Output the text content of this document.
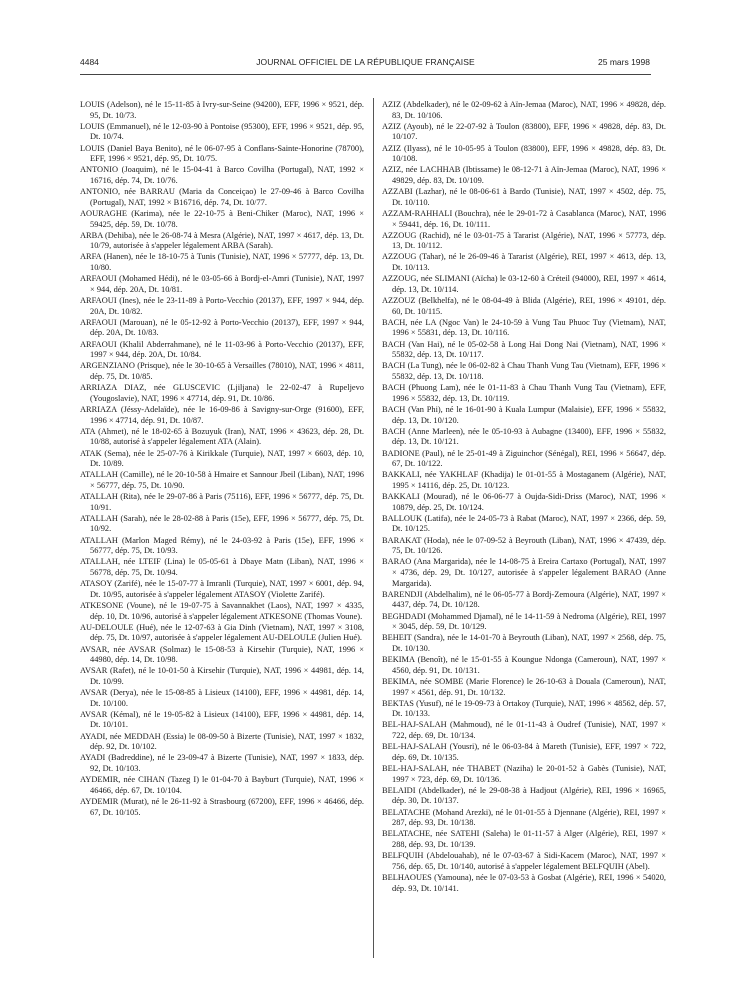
4484	JOURNAL OFFICIEL DE LA RÉPUBLIQUE FRANÇAISE	25 mars 1998

LOUIS (Adelson), né le 15-11-85 à Ivry-sur-Seine (94200), EFF, 1996 × 9521, dép. 95, Dt. 10/73.

LOUIS (Emmanuel), né le 12-03-90 à Pontoise (95300), EFF, 1996 × 9521, dép. 95, Dt. 10/74.

LOUIS (Daniel Baya Benito), né le 06-07-95 à Conflans-Sainte-Honorine (78700), EFF, 1996 × 9521, dép. 95, Dt. 10/75.

ANTONIO (Joaquim), né le 15-04-41 à Barco Covilha (Portugal), NAT, 1992 × 16716, dép. 74, Dt. 10/76.

ANTONIO, née BARRAU (Maria da Conceiçao) le 27-09-46 à Barco Covilha (Portugal), NAT, 1992 × B16716, dép. 74, Dt. 10/77.

AOURAGHE (Karima), née le 22-10-75 à Beni-Chiker (Maroc), NAT, 1996 × 59425, dép. 59, Dt. 10/78.

ARBA (Dehiba), née le 26-08-74 à Mesra (Algérie), NAT, 1997 × 4617, dép. 13, Dt. 10/79, autorisée à s'appeler légalement ARBA (Sarah).

ARFA (Hanen), née le 18-10-75 à Tunis (Tunisie), NAT, 1996 × 57777, dép. 13, Dt. 10/80.

ARFAOUI (Mohamed Hédi), né le 03-05-66 à Bordj-el-Amri (Tunisie), NAT, 1997 × 944, dép. 20A, Dt. 10/81.

ARFAOUI (Ines), née le 23-11-89 à Porto-Vecchio (20137), EFF, 1997 × 944, dép. 20A, Dt. 10/82.

ARFAOUI (Marouan), né le 05-12-92 à Porto-Vecchio (20137), EFF, 1997 × 944, dép. 20A, Dt. 10/83.

ARFAOUI (Khalil Abderrahmane), né le 11-03-96 à Porto-Vecchio (20137), EFF, 1997 × 944, dép. 20A, Dt. 10/84.

ARGENZIANO (Prisque), née le 30-10-65 à Versailles (78010), NAT, 1996 × 4811, dép. 75, Dt. 10/85.

ARRIAZA DIAZ, née GLUSCEVIC (Ljiljana) le 22-02-47 à Rupeljevo (Yougoslavie), NAT, 1996 × 47714, dép. 91, Dt. 10/86.

ARRIAZA (Jéssy-Adelaïde), née le 16-09-86 à Savigny-sur-Orge (91600), EFF, 1996 × 47714, dép. 91, Dt. 10/87.

ATA (Ahmet), né le 18-02-65 à Bozuyuk (Iran), NAT, 1996 × 43623, dép. 28, Dt. 10/88, autorisé à s'appeler légalement ATA (Alain).

ATAK (Sema), née le 25-07-76 à Kirikkale (Turquie), NAT, 1997 × 6603, dép. 10, Dt. 10/89.

ATALLAH (Camille), né le 20-10-58 à Hmaire et Sannour Jbeil (Liban), NAT, 1996 × 56777, dép. 75, Dt. 10/90.

ATALLAH (Rita), née le 29-07-86 à Paris (75116), EFF, 1996 × 56777, dép. 75, Dt. 10/91.

ATALLAH (Sarah), née le 28-02-88 à Paris (15e), EFF, 1996 × 56777, dép. 75, Dt. 10/92.

ATALLAH (Marlon Maged Rémy), né le 24-03-92 à Paris (15e), EFF, 1996 × 56777, dép. 75, Dt. 10/93.

ATALLAH, née LTEIF (Lina) le 05-05-61 à Dbaye Matn (Liban), NAT, 1996 × 56778, dép. 75, Dt. 10/94.

ATASOY (Zarifé), née le 15-07-77 à Imranli (Turquie), NAT, 1997 × 6001, dép. 94, Dt. 10/95, autorisée à s'appeler légalement ATASOY (Violette Zarifé).

ATKESONE (Voune), né le 19-07-75 à Savannakhet (Laos), NAT, 1997 × 4335, dép. 10, Dt. 10/96, autorisé à s'appeler légalement ATKESONE (Thomas Voune).

AU-DELOULE (Hué), née le 12-07-63 à Gia Dinh (Vietnam), NAT, 1997 × 3108, dép. 75, Dt. 10/97, autorisée à s'appeler légalement AU-DELOULE (Julien Hué).

AVSAR, née AVSAR (Solmaz) le 15-08-53 à Kirsehir (Turquie), NAT, 1996 × 44980, dép. 14, Dt. 10/98.

AVSAR (Rafet), né le 10-01-50 à Kirsehir (Turquie), NAT, 1996 × 44981, dép. 14, Dt. 10/99.

AVSAR (Derya), née le 15-08-85 à Lisieux (14100), EFF, 1996 × 44981, dép. 14, Dt. 10/100.

AVSAR (Kémal), né le 19-05-82 à Lisieux (14100), EFF, 1996 × 44981, dép. 14, Dt. 10/101.

AYADI, née MEDDAH (Essia) le 08-09-50 à Bizerte (Tunisie), NAT, 1997 × 1832, dép. 92, Dt. 10/102.

AYADI (Badreddine), né le 23-09-47 à Bizerte (Tunisie), NAT, 1997 × 1833, dép. 92, Dt. 10/103.

AYDEMIR, née CIHAN (Tazeg I) le 01-04-70 à Bayburt (Turquie), NAT, 1996 × 46466, dép. 67, Dt. 10/104.

AYDEMIR (Murat), né le 26-11-92 à Strasbourg (67200), EFF, 1996 × 46466, dép. 67, Dt. 10/105.

AZIZ (Abdelkader), né le 02-09-62 à Aïn-Jemaa (Maroc), NAT, 1996 × 49828, dép. 83, Dt. 10/106.

AZIZ (Ayoub), né le 22-07-92 à Toulon (83800), EFF, 1996 × 49828, dép. 83, Dt. 10/107.

AZIZ (Ilyass), né le 10-05-95 à Toulon (83800), EFF, 1996 × 49828, dép. 83, Dt. 10/108.

AZIZ, née LACHHAB (Ibtissame) le 08-12-71 à Aïn-Jemaa (Maroc), NAT, 1996 × 49829, dép. 83, Dt. 10/109.

AZZABI (Lazhar), né le 08-06-61 à Bardo (Tunisie), NAT, 1997 × 4502, dép. 75, Dt. 10/110.

AZZAM-RAHHALI (Bouchra), née le 29-01-72 à Casablanca (Maroc), NAT, 1996 × 59441, dép. 16, Dt. 10/111.

AZZOUG (Rachid), né le 03-01-75 à Tararist (Algérie), NAT, 1996 × 57773, dép. 13, Dt. 10/112.

AZZOUG (Tahar), né le 26-09-46 à Tararist (Algérie), REI, 1997 × 4613, dép. 13, Dt. 10/113.

AZZOUG, née SLIMANI (Aïcha) le 03-12-60 à Créteil (94000), REI, 1997 × 4614, dép. 13, Dt. 10/114.

AZZOUZ (Belkhelfa), né le 08-04-49 à Blida (Algérie), REI, 1996 × 49101, dép. 60, Dt. 10/115.

BACH, née LA (Ngoc Van) le 24-10-59 à Vung Tau Phuoc Tuy (Vietnam), NAT, 1996 × 55831, dép. 13, Dt. 10/116.

BACH (Van Hai), né le 05-02-58 à Long Hai Dong Nai (Vietnam), NAT, 1996 × 55832, dép. 13, Dt. 10/117.

BACH (La Tung), née le 06-02-82 à Chau Thanh Vung Tau (Vietnam), EFF, 1996 × 55832, dép. 13, Dt. 10/118.

BACH (Phuong Lam), née le 01-11-83 à Chau Thanh Vung Tau (Vietnam), EFF, 1996 × 55832, dép. 13, Dt. 10/119.

BACH (Van Phi), né le 16-01-90 à Kuala Lumpur (Malaisie), EFF, 1996 × 55832, dép. 13, Dt. 10/120.

BACH (Anne Marleen), née le 05-10-93 à Aubagne (13400), EFF, 1996 × 55832, dép. 13, Dt. 10/121.

BADIONE (Paul), né le 25-01-49 à Ziguinchor (Sénégal), REI, 1996 × 56647, dép. 67, Dt. 10/122.

BAKKALI, née YAKHLAF (Khadija) le 01-01-55 à Mostaganem (Algérie), NAT, 1995 × 14116, dép. 25, Dt. 10/123.

BAKKALI (Mourad), né le 06-06-77 à Oujda-Sidi-Driss (Maroc), NAT, 1996 × 10879, dép. 25, Dt. 10/124.

BALLOUK (Latifa), née le 24-05-73 à Rabat (Maroc), NAT, 1997 × 2366, dép. 59, Dt. 10/125.

BARAKAT (Hoda), née le 07-09-52 à Beyrouth (Liban), NAT, 1996 × 47439, dép. 75, Dt. 10/126.

BARAO (Ana Margarida), née le 14-08-75 à Ereira Cartaxo (Portugal), NAT, 1997 × 4736, dép. 29, Dt. 10/127, autorisée à s'appeler légalement BARAO (Anne Margarida).

BARENDJI (Abdelhalim), né le 06-05-77 à Bordj-Zemoura (Algérie), NAT, 1997 × 4437, dép. 74, Dt. 10/128.

BEGHDADI (Mohammed Djamal), né le 14-11-59 à Nedroma (Algérie), REI, 1997 × 3045, dép. 59, Dt. 10/129.

BEHEIT (Sandra), née le 14-01-70 à Beyrouth (Liban), NAT, 1997 × 2568, dép. 75, Dt. 10/130.

BEKIMA (Benoît), né le 15-01-55 à Koungue Ndonga (Cameroun), NAT, 1997 × 4560, dép. 91, Dt. 10/131.

BEKIMA, née SOMBE (Marie Florence) le 26-10-63 à Douala (Cameroun), NAT, 1997 × 4561, dép. 91, Dt. 10/132.

BEKTAS (Yusuf), né le 19-09-73 à Ortakoy (Turquie), NAT, 1996 × 48562, dép. 57, Dt. 10/133.

BEL-HAJ-SALAH (Mahmoud), né le 01-11-43 à Oudref (Tunisie), NAT, 1997 × 722, dép. 69, Dt. 10/134.

BEL-HAJ-SALAH (Yousri), né le 06-03-84 à Mareth (Tunisie), EFF, 1997 × 722, dép. 69, Dt. 10/135.

BEL-HAJ-SALAH, née THABET (Naziha) le 20-01-52 à Gabès (Tunisie), NAT, 1997 × 723, dép. 69, Dt. 10/136.

BELAIDI (Abdelkader), né le 29-08-38 à Hadjout (Algérie), REI, 1996 × 16965, dép. 30, Dt. 10/137.

BELATACHE (Mohand Arezki), né le 01-01-55 à Djennane (Algérie), REI, 1997 × 287, dép. 93, Dt. 10/138.

BELATACHE, née SATEHI (Saleha) le 01-11-57 à Alger (Algérie), REI, 1997 × 288, dép. 93, Dt. 10/139.

BELFQUIH (Abdelouahab), né le 07-03-67 à Sidi-Kacem (Maroc), NAT, 1997 × 756, dép. 65, Dt. 10/140, autorisé à s'appeler légalement BELFQUIH (Abel).

BELHAOUES (Yamouna), née le 07-03-53 à Gosbat (Algérie), REI, 1996 × 54020, dép. 93, Dt. 10/141.
